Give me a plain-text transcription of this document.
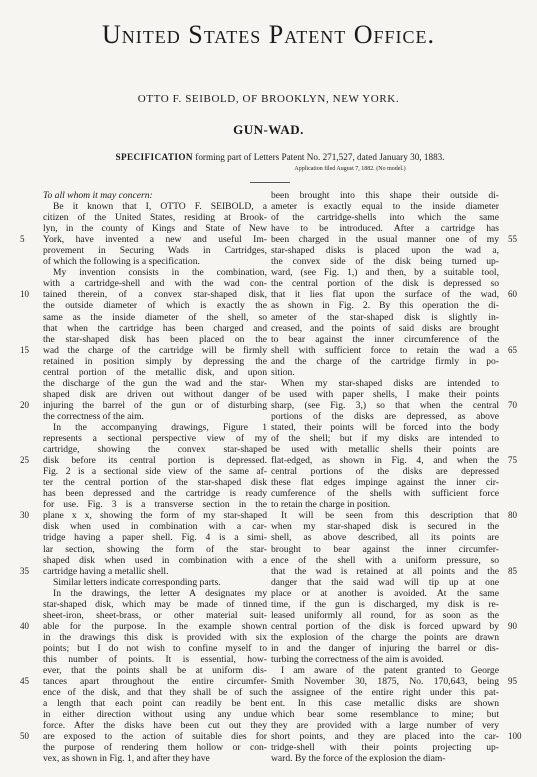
United States Patent Office.
OTTO F. SEIBOLD, OF BROOKLYN, NEW YORK.
GUN-WAD.
SPECIFICATION forming part of Letters Patent No. 271,527, dated January 30, 1883.
Application filed August 7, 1882. (No model.)
To all whom it may concern:
Be it known that I, OTTO F. SEIBOLD, a
citizen of the United States, residing at Brook-
lyn, in the county of Kings and State of New
York, have invented a new and useful Im-
provement in Securing Wads in Cartridges,
of which the following is a specification.
My invention consists in the combination,
with a cartridge-shell and with the wad con-
tained therein, of a convex star-shaped disk,
the outside diameter of which is exactly the
same as the inside diameter of the shell, so
that when the cartridge has been charged and
the star-shaped disk has been placed on the
wad the charge of the cartridge will be firmly
retained in position simply by depressing the
central portion of the metallic disk, and upon
the discharge of the gun the wad and the star-
shaped disk are driven out without danger of
injuring the barrel of the gun or of disturbing
the correctness of the aim.
In the accompanying drawings, Figure 1
represents a sectional perspective view of my
cartridge, showing the convex star-shaped
disk before its central portion is depressed.
Fig. 2 is a sectional side view of the same af-
ter the central portion of the star-shaped disk
has been depressed and the cartridge is ready
for use. Fig. 3 is a transverse section in the
plane x x, showing the form of my star-shaped
disk when used in combination with a car-
tridge having a paper shell. Fig. 4 is a simi-
lar section, showing the form of the star-
shaped disk when used in combination with a
cartridge having a metallic shell.
Similar letters indicate corresponding parts.
In the drawings, the letter A designates my
star-shaped disk, which may be made of tinned
sheet-iron, sheet-brass, or other material suit-
able for the purpose. In the example shown
in the drawings this disk is provided with six
points; but I do not wish to confine myself to
this number of points. It is essential, how-
ever, that the points shall be at uniform dis-
tances apart throughout the entire circumfer-
ence of the disk, and that they shall be of such
a length that each point can readily be bent
in either direction without using any undue
force. After the disks have been cut out they
are exposed to the action of suitable dies for
the purpose of rendering them hollow or con-
vex, as shown in Fig. 1, and after they have
been brought into this shape their outside di-
ameter is exactly equal to the inside diameter
of the cartridge-shells into which the same
have to be introduced. After a cartridge has
been charged in the usual manner one of my
star-shaped disks is placed upon the wad a,
the convex side of the disk being turned up-
ward, (see Fig. 1,) and then, by a suitable tool,
the central portion of the disk is depressed so
that it lies flat upon the surface of the wad,
as shown in Fig. 2. By this operation the di-
ameter of the star-shaped disk is slightly in-
creased, and the points of said disks are brought
to bear against the inner circumference of the
shell with sufficient force to retain the wad a
and the charge of the cartridge firmly in po-
sition.
When my star-shaped disks are intended to
be used with paper shells, I make their points
sharp, (see Fig. 3,) so that when the central
portions of the disks are depressed, as above
stated, their points will be forced into the body
of the shell; but if my disks are intended to
be used with metallic shells their points are
flat-edged, as shown in Fig. 4, and when the
central portions of the disks are depressed
these flat edges impinge against the inner cir-
cumference of the shells with sufficient force
to retain the charge in position.
It will be seen from this description that
when my star-shaped disk is secured in the
shell, as above described, all its points are
brought to bear against the inner circumfer-
ence of the shell with a uniform pressure, so
that the wad is retained at all points and the
danger that the said wad will tip up at one
place or at another is avoided. At the same
time, if the gun is discharged, my disk is re-
leased uniformly all round, for as soon as the
central portion of the disk is forced upward by
the explosion of the charge the points are drawn
in and the danger of injuring the barrel or dis-
turbing the correctness of the aim is avoided.
I am aware of the patent granted to George
Smith November 30, 1875, No. 170,643, being
the assignee of the entire right under this pat-
ent. In this case metallic disks are shown
which bear some resemblance to mine; but
they are provided with a large number of very
short points, and they are placed into the car-
tridge-shell with their points projecting up-
ward. By the force of the explosion the diam-
5
10
15
20
25
30
35
40
45
50
55
60
65
70
75
80
85
90
95
100
